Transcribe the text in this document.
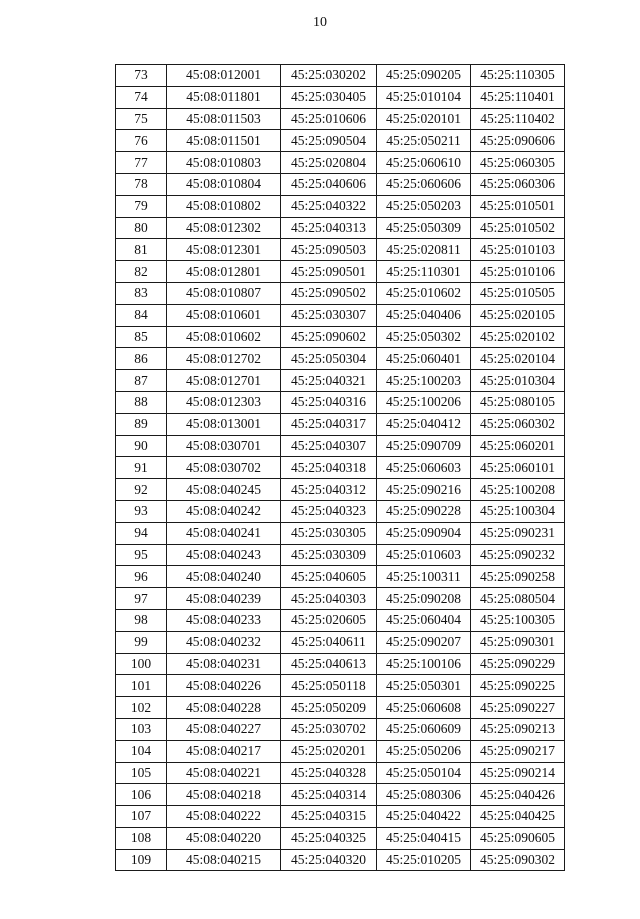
10
73	45:08:012001	45:25:030202	45:25:090205	45:25:110305
74	45:08:011801	45:25:030405	45:25:010104	45:25:110401
75	45:08:011503	45:25:010606	45:25:020101	45:25:110402
76	45:08:011501	45:25:090504	45:25:050211	45:25:090606
77	45:08:010803	45:25:020804	45:25:060610	45:25:060305
78	45:08:010804	45:25:040606	45:25:060606	45:25:060306
79	45:08:010802	45:25:040322	45:25:050203	45:25:010501
80	45:08:012302	45:25:040313	45:25:050309	45:25:010502
81	45:08:012301	45:25:090503	45:25:020811	45:25:010103
82	45:08:012801	45:25:090501	45:25:110301	45:25:010106
83	45:08:010807	45:25:090502	45:25:010602	45:25:010505
84	45:08:010601	45:25:030307	45:25:040406	45:25:020105
85	45:08:010602	45:25:090602	45:25:050302	45:25:020102
86	45:08:012702	45:25:050304	45:25:060401	45:25:020104
87	45:08:012701	45:25:040321	45:25:100203	45:25:010304
88	45:08:012303	45:25:040316	45:25:100206	45:25:080105
89	45:08:013001	45:25:040317	45:25:040412	45:25:060302
90	45:08:030701	45:25:040307	45:25:090709	45:25:060201
91	45:08:030702	45:25:040318	45:25:060603	45:25:060101
92	45:08:040245	45:25:040312	45:25:090216	45:25:100208
93	45:08:040242	45:25:040323	45:25:090228	45:25:100304
94	45:08:040241	45:25:030305	45:25:090904	45:25:090231
95	45:08:040243	45:25:030309	45:25:010603	45:25:090232
96	45:08:040240	45:25:040605	45:25:100311	45:25:090258
97	45:08:040239	45:25:040303	45:25:090208	45:25:080504
98	45:08:040233	45:25:020605	45:25:060404	45:25:100305
99	45:08:040232	45:25:040611	45:25:090207	45:25:090301
100	45:08:040231	45:25:040613	45:25:100106	45:25:090229
101	45:08:040226	45:25:050118	45:25:050301	45:25:090225
102	45:08:040228	45:25:050209	45:25:060608	45:25:090227
103	45:08:040227	45:25:030702	45:25:060609	45:25:090213
104	45:08:040217	45:25:020201	45:25:050206	45:25:090217
105	45:08:040221	45:25:040328	45:25:050104	45:25:090214
106	45:08:040218	45:25:040314	45:25:080306	45:25:040426
107	45:08:040222	45:25:040315	45:25:040422	45:25:040425
108	45:08:040220	45:25:040325	45:25:040415	45:25:090605
109	45:08:040215	45:25:040320	45:25:010205	45:25:090302
